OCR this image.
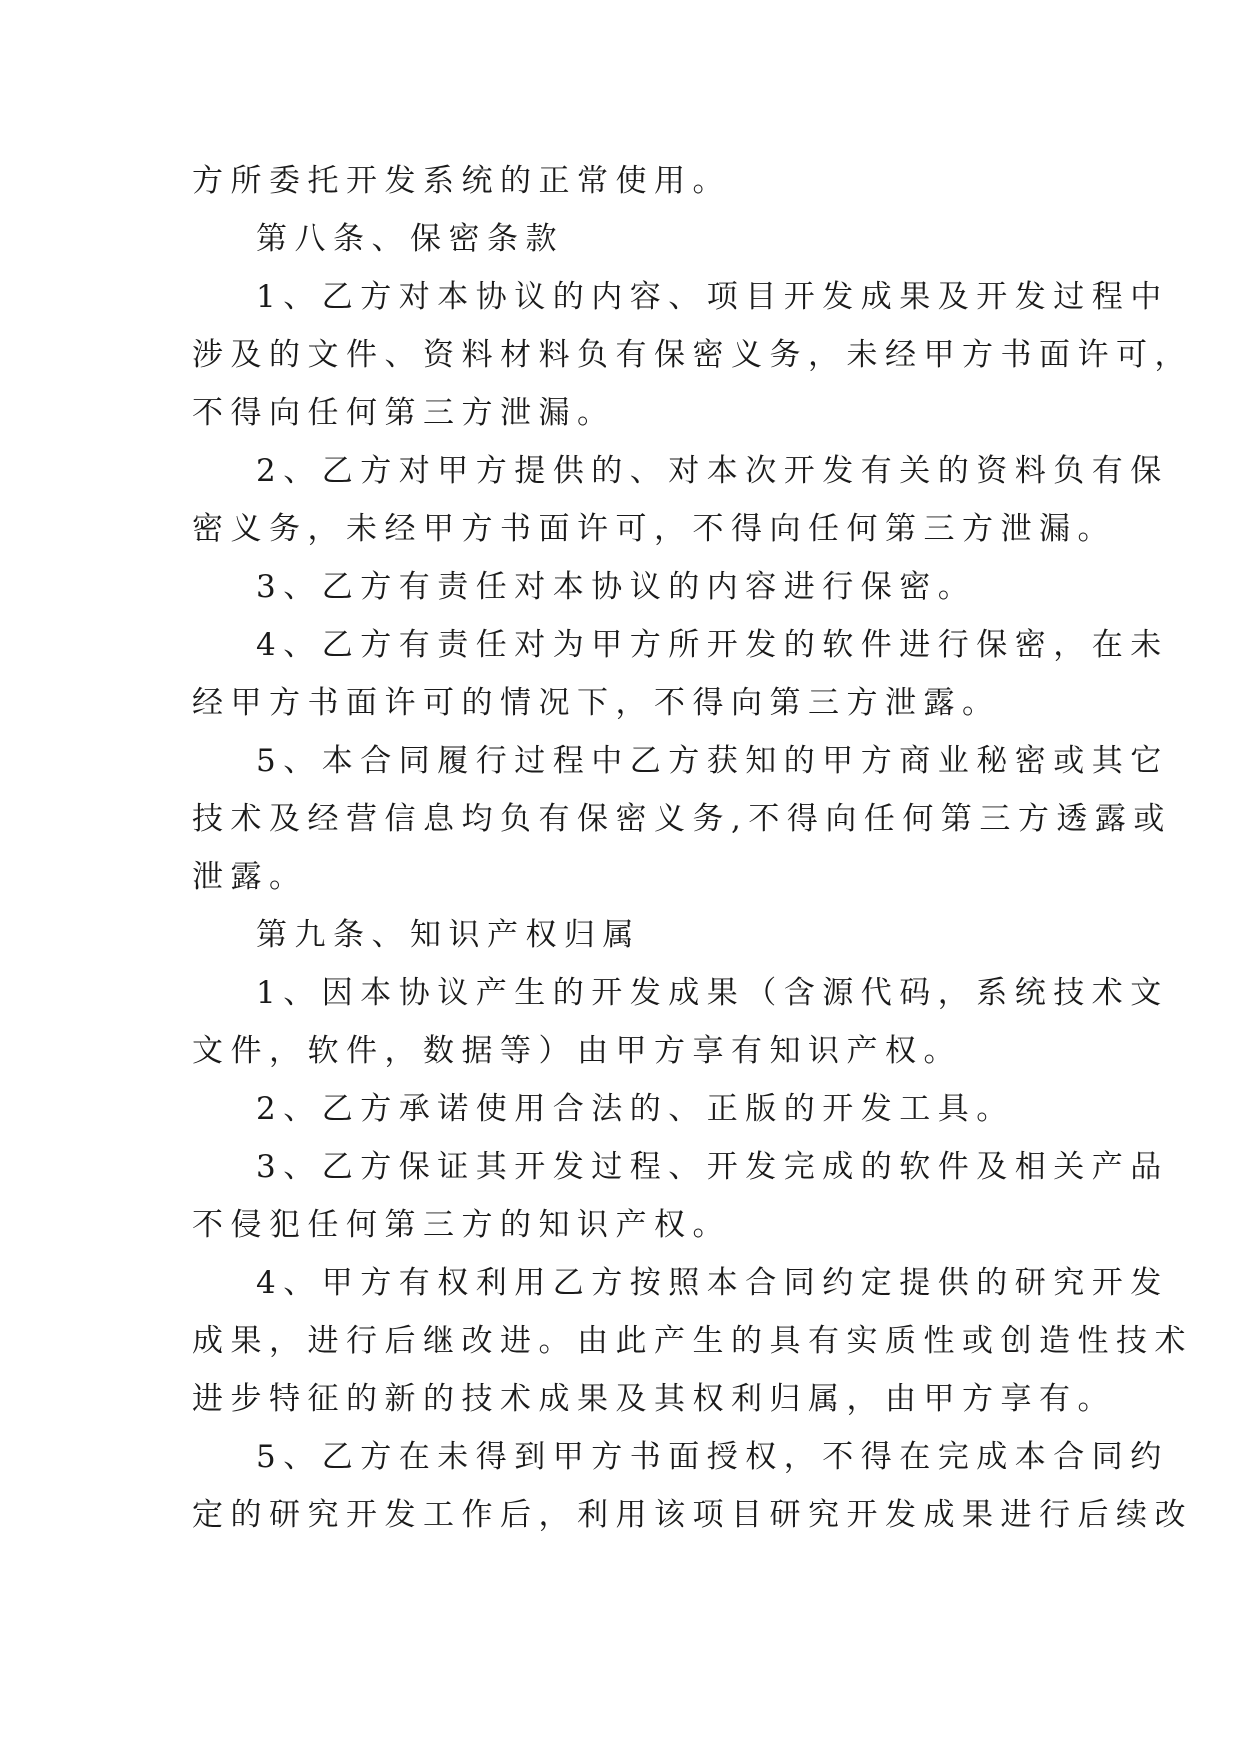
方所委托开发系统的正常使用。
第八条、保密条款
1、乙方对本协议的内容、项目开发成果及开发过程中
涉及的文件、资料材料负有保密义务，未经甲方书面许可，
不得向任何第三方泄漏。
2、乙方对甲方提供的、对本次开发有关的资料负有保
密义务，未经甲方书面许可，不得向任何第三方泄漏。
3、乙方有责任对本协议的内容进行保密。
4、乙方有责任对为甲方所开发的软件进行保密，在未
经甲方书面许可的情况下，不得向第三方泄露。
5、本合同履行过程中乙方获知的甲方商业秘密或其它
技术及经营信息均负有保密义务,不得向任何第三方透露或
泄露。
第九条、知识产权归属
1、因本协议产生的开发成果（含源代码，系统技术文
文件，软件，数据等）由甲方享有知识产权。
2、乙方承诺使用合法的、正版的开发工具。
3、乙方保证其开发过程、开发完成的软件及相关产品
不侵犯任何第三方的知识产权。
4、甲方有权利用乙方按照本合同约定提供的研究开发
成果，进行后继改进。由此产生的具有实质性或创造性技术
进步特征的新的技术成果及其权利归属，由甲方享有。
5、乙方在未得到甲方书面授权，不得在完成本合同约
定的研究开发工作后，利用该项目研究开发成果进行后续改
